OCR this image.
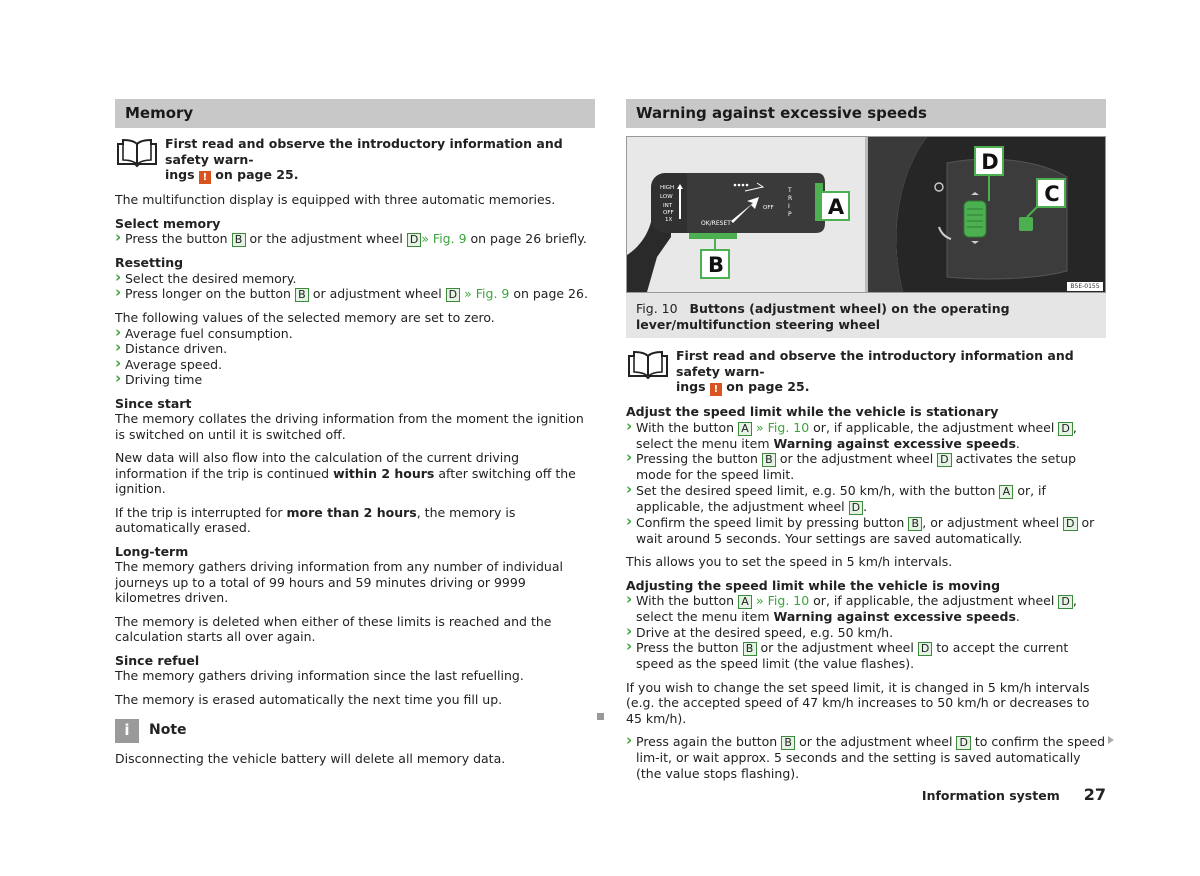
Memory
First read and observe the introductory information and safety warn-
ings ! on page 25.

The multifunction display is equipped with three automatic memories.

Select memory

› Press the button B or the adjustment wheel D » Fig. 9 on page 26 briefly.

Resetting

› Select the desired memory.
› Press longer on the button B or adjustment wheel D » Fig. 9 on page 26.

The following values of the selected memory are set to zero.

› Average fuel consumption.
› Distance driven.
› Average speed.
› Driving time

Since start

The memory collates the driving information from the moment the ignition is switched on until it is switched off.

New data will also flow into the calculation of the current driving information if the trip is continued within 2 hours after switching off the ignition.

If the trip is interrupted for more than 2 hours, the memory is automatically erased.

Long-term

The memory gathers driving information from any number of individual journeys up to a total of 99 hours and 59 minutes driving or 9999 kilometres driven.

The memory is deleted when either of these limits is reached and the calculation starts all over again.

Since refuel

The memory gathers driving information since the last refuelling.

The memory is erased automatically the next time you fill up.

i	Note

Disconnecting the vehicle battery will delete all memory data.

Warning against excessive speeds
HIGH
LOW
INT
OFF
1X	OK/RESET
OFF
T
R
I
P A
B
D
C
B5E-0155
Fig. 10 Buttons (adjustment wheel) on the operating lever/multifunction steering wheel
First read and observe the introductory information and safety warn-
ings ! on page 25.

Adjust the speed limit while the vehicle is stationary

› With the button A » Fig. 10 or, if applicable, the adjustment wheel D , select the menu item Warning against excessive speeds.
› Pressing the button B or the adjustment wheel D activates the setup mode for the speed limit.
› Set the desired speed limit, e.g. 50 km/h, with the button A or, if applicable, the adjustment wheel D .
› Confirm the speed limit by pressing button B , or adjustment wheel D or wait around 5 seconds. Your settings are saved automatically.

This allows you to set the speed in 5 km/h intervals.

Adjusting the speed limit while the vehicle is moving

› With the button A » Fig. 10 or, if applicable, the adjustment wheel D , select the menu item Warning against excessive speeds.
› Drive at the desired speed, e.g. 50 km/h.
› Press the button B or the adjustment wheel D to accept the current speed as the speed limit (the value flashes).

If you wish to change the set speed limit, it is changed in 5 km/h intervals (e.g. the accepted speed of 47 km/h increases to 50 km/h or decreases to 45 km/h).

› Press again the button B or the adjustment wheel D to confirm the speed lim-it, or wait approx. 5 seconds and the setting is saved automatically (the value stops flashing).
Information system 27
